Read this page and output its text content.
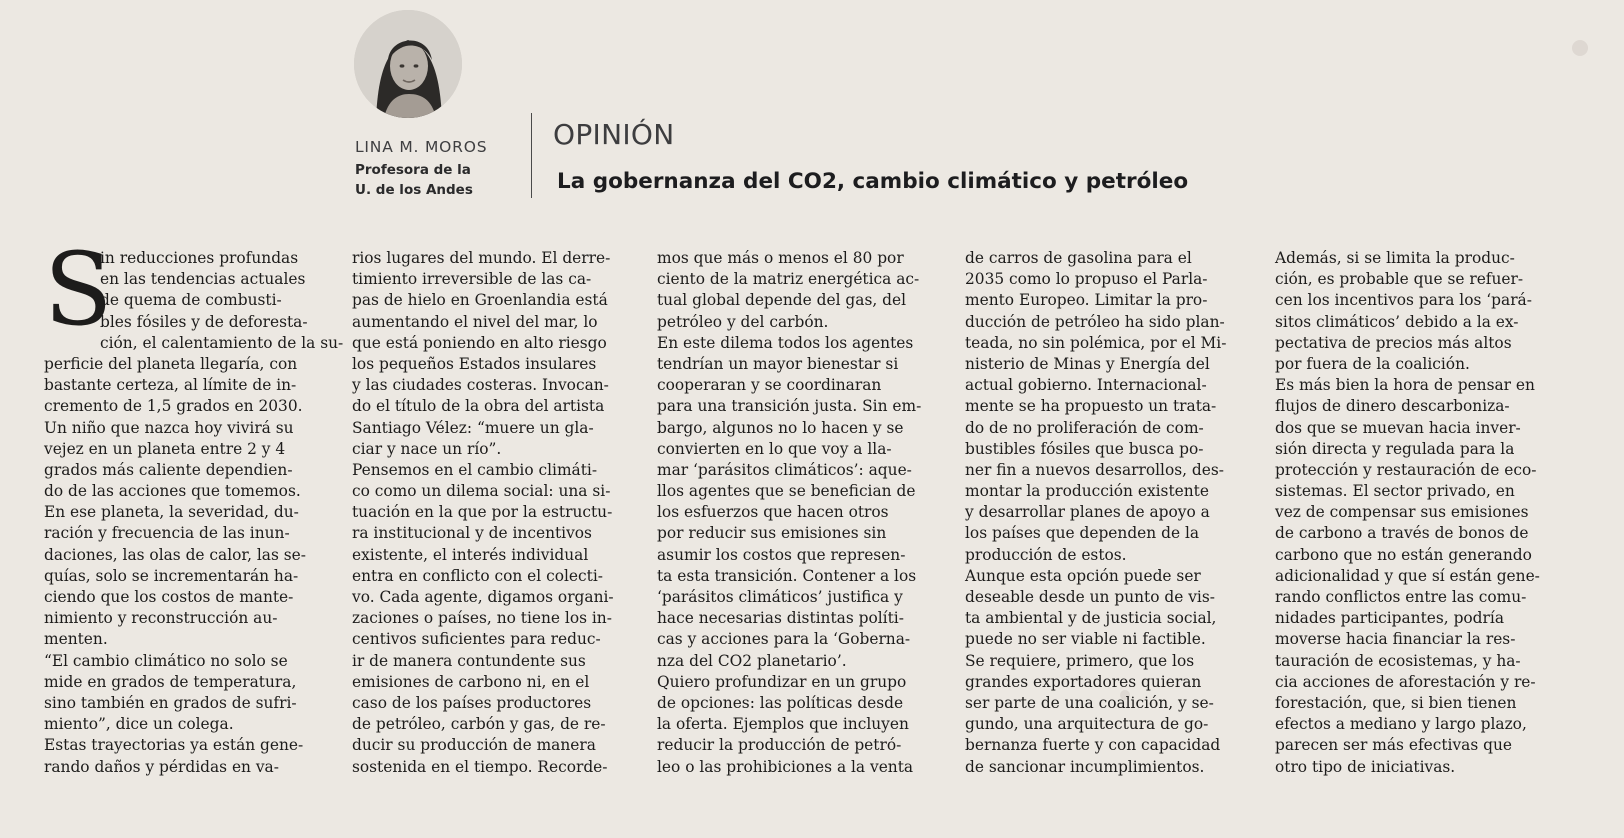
LINA M. MOROS
Profesora de la
U. de los Andes
OPINIÓN
La gobernanza del CO2, cambio climático y petróleo
S
in reducciones profundas
en las tendencias actuales
de quema de combusti-
bles fósiles y de deforesta-
ción, el calentamiento de la su-
perficie del planeta llegaría, con
bastante certeza, al límite de in-
cremento de 1,5 grados en 2030.
Un niño que nazca hoy vivirá su
vejez en un planeta entre 2 y 4
grados más caliente dependien-
do de las acciones que tomemos.
En ese planeta, la severidad, du-
ración y frecuencia de las inun-
daciones, las olas de calor, las se-
quías, solo se incrementarán ha-
ciendo que los costos de mante-
nimiento y reconstrucción au-
menten.
“El cambio climático no solo se
mide en grados de temperatura,
sino también en grados de sufri-
miento”, dice un colega.
Estas trayectorias ya están gene-
rando daños y pérdidas en va-
rios lugares del mundo. El derre-
timiento irreversible de las ca-
pas de hielo en Groenlandia está
aumentando el nivel del mar, lo
que está poniendo en alto riesgo
los pequeños Estados insulares
y las ciudades costeras. Invocan-
do el título de la obra del artista
Santiago Vélez: “muere un gla-
ciar y nace un río”.
Pensemos en el cambio climáti-
co como un dilema social: una si-
tuación en la que por la estructu-
ra institucional y de incentivos
existente, el interés individual
entra en conflicto con el colecti-
vo. Cada agente, digamos organi-
zaciones o países, no tiene los in-
centivos suficientes para reduc-
ir de manera contundente sus
emisiones de carbono ni, en el
caso de los países productores
de petróleo, carbón y gas, de re-
ducir su producción de manera
sostenida en el tiempo. Recorde-
mos que más o menos el 80 por
ciento de la matriz energética ac-
tual global depende del gas, del
petróleo y del carbón.
En este dilema todos los agentes
tendrían un mayor bienestar si
cooperaran y se coordinaran
para una transición justa. Sin em-
bargo, algunos no lo hacen y se
convierten en lo que voy a lla-
mar ‘parásitos climáticos’: aque-
llos agentes que se benefician de
los esfuerzos que hacen otros
por reducir sus emisiones sin
asumir los costos que represen-
ta esta transición. Contener a los
‘parásitos climáticos’ justifica y
hace necesarias distintas políti-
cas y acciones para la ‘Goberna-
nza del CO2 planetario’.
Quiero profundizar en un grupo
de opciones: las políticas desde
la oferta. Ejemplos que incluyen
reducir la producción de petró-
leo o las prohibiciones a la venta
de carros de gasolina para el
2035 como lo propuso el Parla-
mento Europeo. Limitar la pro-
ducción de petróleo ha sido plan-
teada, no sin polémica, por el Mi-
nisterio de Minas y Energía del
actual gobierno. Internacional-
mente se ha propuesto un trata-
do de no proliferación de com-
bustibles fósiles que busca po-
ner fin a nuevos desarrollos, des-
montar la producción existente
y desarrollar planes de apoyo a
los países que dependen de la
producción de estos.
Aunque esta opción puede ser
deseable desde un punto de vis-
ta ambiental y de justicia social,
puede no ser viable ni factible.
Se requiere, primero, que los
grandes exportadores quieran
ser parte de una coalición, y se-
gundo, una arquitectura de go-
bernanza fuerte y con capacidad
de sancionar incumplimientos.
Además, si se limita la produc-
ción, es probable que se refuer-
cen los incentivos para los ‘pará-
sitos climáticos’ debido a la ex-
pectativa de precios más altos
por fuera de la coalición.
Es más bien la hora de pensar en
flujos de dinero descarboniza-
dos que se muevan hacia inver-
sión directa y regulada para la
protección y restauración de eco-
sistemas. El sector privado, en
vez de compensar sus emisiones
de carbono a través de bonos de
carbono que no están generando
adicionalidad y que sí están gene-
rando conflictos entre las comu-
nidades participantes, podría
moverse hacia financiar la res-
tauración de ecosistemas, y ha-
cia acciones de aforestación y re-
forestación, que, si bien tienen
efectos a mediano y largo plazo,
parecen ser más efectivas que
otro tipo de iniciativas.
